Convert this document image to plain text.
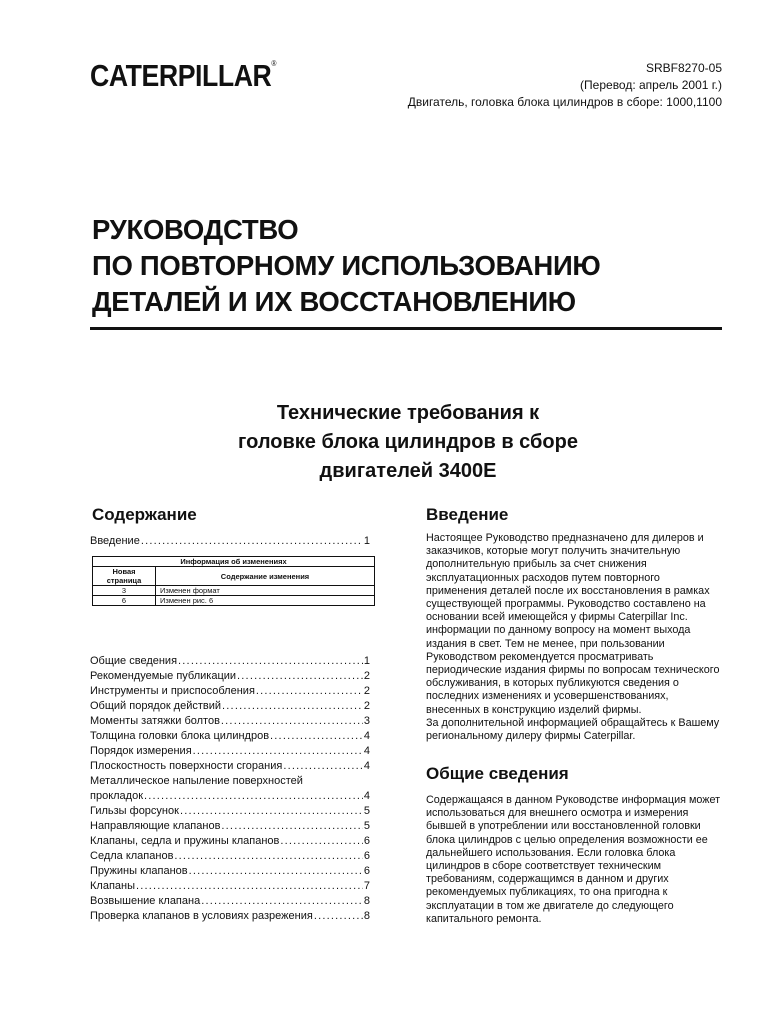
CATERPILLAR®	SRBF8270-05
(Перевод: апрель 2001 г.)
Двигатель, головка блока цилиндров в сборе: 1000,1100
РУКОВОДСТВО
ПО ПОВТОРНОМУ ИСПОЛЬЗОВАНИЮ
ДЕТАЛЕЙ И ИХ ВОССТАНОВЛЕНИЮ
Технические требования к
головке блока цилиндров в сборе
двигателей 3400E
Содержание
Введение .....	1
Информация об изменениях	
Новая страница	Содержание изменения
3	Изменен формат
6	Изменен рис. 6
Общие сведения .....	1
Рекомендуемые публикации .....	2
Инструменты и приспособления .....	2
Общий порядок действий .....	2
Моменты затяжки болтов .....	3
Толщина головки блока цилиндров .....	4
Порядок измерения .....	4
Плоскостность поверхности сгорания .....	4
Металлическое напыление поверхностей
прокладок .....	4
Гильзы форсунок .....	5
Направляющие клапанов .....	5
Клапаны, седла и пружины клапанов .....	6
Седла клапанов .....	6
Пружины клапанов .....	6
Клапаны .....	7
Возвышение клапана .....	8
Проверка клапанов в условиях разрежения .....	8
Введение

Настоящее Руководство предназначено для дилеров и заказчиков, которые могут получить значительную дополнительную прибыль за счет снижения эксплуатационных расходов путем повторного применения деталей после их восстановления в рамках существующей программы. Руководство составлено на основании всей имеющейся у фирмы Caterpillar Inc. информации по данному вопросу на момент выхода издания в свет. Тем не менее, при пользовании Руководством рекомендуется просматривать периодические издания фирмы по вопросам технического обслуживания, в которых публикуются сведения о последних изменениях и усовершенствованиях, внесенных в конструкцию изделий фирмы.

За дополнительной информацией обращайтесь к Вашему региональному дилеру фирмы Caterpillar.

Общие сведения

Содержащаяся в данном Руководстве информация может использоваться для внешнего осмотра и измерения бывшей в употреблении или восстановленной головки блока цилиндров с целью определения возможности ее дальнейшего использования. Если головка блока цилиндров в сборе соответствует техническим требованиям, содержащимся в данном и других рекомендуемых публикациях, то она пригодна к эксплуатации в том же двигателе до следующего капитального ремонта.
